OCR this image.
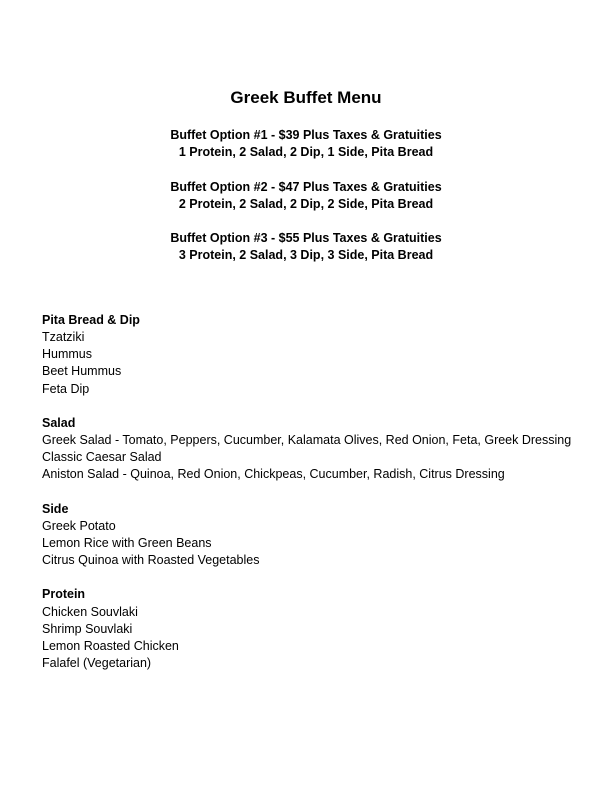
Greek Buffet Menu
Buffet Option #1 - $39 Plus Taxes & Gratuities
1 Protein, 2 Salad, 2 Dip, 1 Side, Pita Bread
Buffet Option #2 - $47 Plus Taxes & Gratuities
2 Protein, 2 Salad, 2 Dip, 2 Side, Pita Bread
Buffet Option #3 - $55 Plus Taxes & Gratuities
3 Protein, 2 Salad, 3 Dip, 3 Side, Pita Bread
Pita Bread & Dip
Tzatziki
Hummus
Beet Hummus
Feta Dip
Salad
Greek Salad - Tomato, Peppers, Cucumber, Kalamata Olives, Red Onion, Feta, Greek Dressing
Classic Caesar Salad
Aniston Salad - Quinoa, Red Onion, Chickpeas, Cucumber, Radish, Citrus Dressing
Side
Greek Potato
Lemon Rice with Green Beans
Citrus Quinoa with Roasted Vegetables
Protein
Chicken Souvlaki
Shrimp Souvlaki
Lemon Roasted Chicken
Falafel (Vegetarian)
